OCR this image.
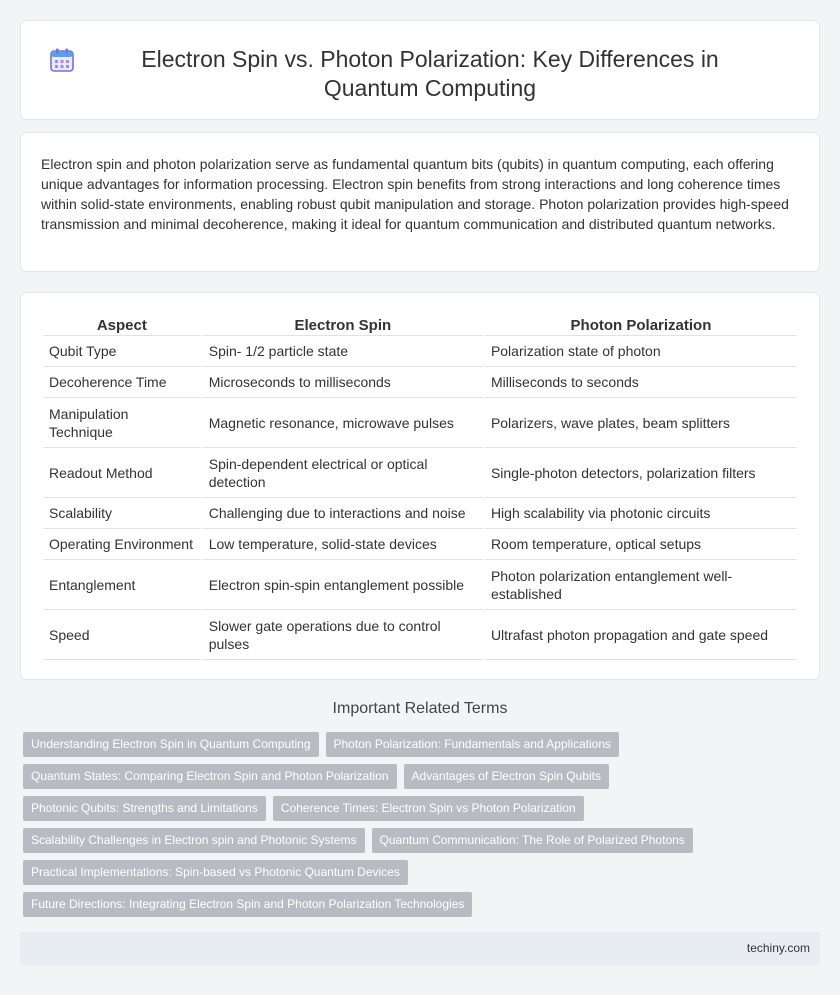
Electron Spin vs. Photon Polarization: Key Differences in Quantum Computing

Electron spin and photon polarization serve as fundamental quantum bits (qubits) in quantum computing, each offering unique advantages for information processing. Electron spin benefits from strong interactions and long coherence times within solid-state environments, enabling robust qubit manipulation and storage. Photon polarization provides high-speed transmission and minimal decoherence, making it ideal for quantum communication and distributed quantum networks.

Aspect	Electron Spin	Photon Polarization
Qubit Type	Spin- 1/2 particle state	Polarization state of photon
Decoherence Time	Microseconds to milliseconds	Milliseconds to seconds
Manipulation Technique	Magnetic resonance, microwave pulses	Polarizers, wave plates, beam splitters
Readout Method	Spin-dependent electrical or optical detection	Single-photon detectors, polarization filters
Scalability	Challenging due to interactions and noise	High scalability via photonic circuits
Operating Environment	Low temperature, solid-state devices	Room temperature, optical setups
Entanglement	Electron spin-spin entanglement possible	Photon polarization entanglement well-established
Speed	Slower gate operations due to control pulses	Ultrafast photon propagation and gate speed
Important Related Terms
Understanding Electron Spin in Quantum Computing	Photon Polarization: Fundamentals and Applications
Quantum States: Comparing Electron Spin and Photon Polarization	Advantages of Electron Spin Qubits
Photonic Qubits: Strengths and Limitations	Coherence Times: Electron Spin vs Photon Polarization
Scalability Challenges in Electron spin and Photonic Systems	Quantum Communication: The Role of Polarized Photons
Practical Implementations: Spin-based vs Photonic Quantum Devices
Future Directions: Integrating Electron Spin and Photon Polarization Technologies
techiny.com
